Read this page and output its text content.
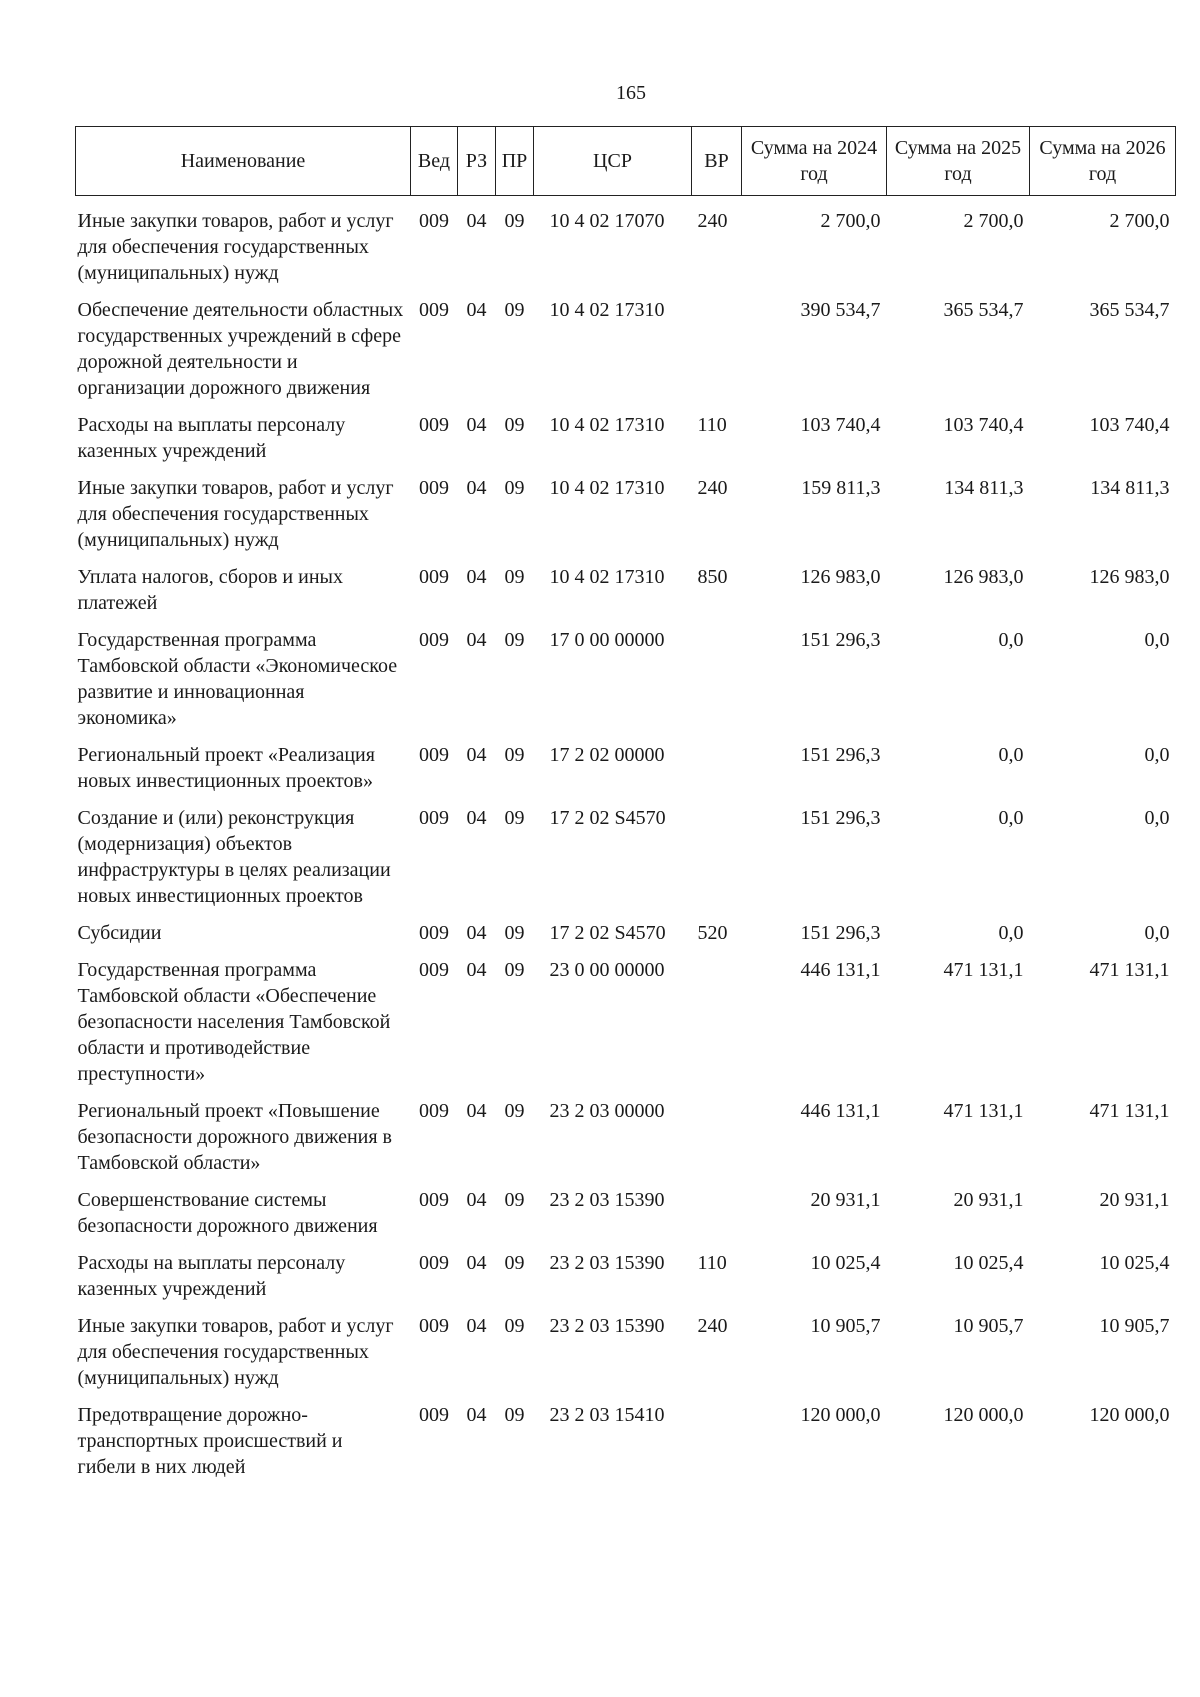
165
Наименование	Вед	РЗ	ПР	ЦСР	ВР	Сумма на 2024 год	Сумма на 2025 год	Сумма на 2026 год
Иные закупки товаров, работ и услуг для обеспечения государственных (муниципальных) нужд	009	04	09	10 4 02 17070	240	2 700,0	2 700,0	2 700,0
Обеспечение деятельности областных государственных учреждений в сфере дорожной деятельности и организации дорожного движения	009	04	09	10 4 02 17310		390 534,7	365 534,7	365 534,7
Расходы на выплаты персоналу казенных учреждений	009	04	09	10 4 02 17310	110	103 740,4	103 740,4	103 740,4
Иные закупки товаров, работ и услуг для обеспечения государственных (муниципальных) нужд	009	04	09	10 4 02 17310	240	159 811,3	134 811,3	134 811,3
Уплата налогов, сборов и иных платежей	009	04	09	10 4 02 17310	850	126 983,0	126 983,0	126 983,0
Государственная программа Тамбовской области «Экономическое развитие и инновационная экономика»	009	04	09	17 0 00 00000		151 296,3	0,0	0,0
Региональный проект «Реализация новых инвестиционных проектов»	009	04	09	17 2 02 00000		151 296,3	0,0	0,0
Создание и (или) реконструкция (модернизация) объектов инфраструктуры в целях реализации новых инвестиционных проектов	009	04	09	17 2 02 S4570		151 296,3	0,0	0,0
Субсидии	009	04	09	17 2 02 S4570	520	151 296,3	0,0	0,0
Государственная программа Тамбовской области «Обеспечение безопасности населения Тамбовской области и противодействие преступности»	009	04	09	23 0 00 00000		446 131,1	471 131,1	471 131,1
Региональный проект «Повышение безопасности дорожного движения в Тамбовской области»	009	04	09	23 2 03 00000		446 131,1	471 131,1	471 131,1
Совершенствование системы безопасности дорожного движения	009	04	09	23 2 03 15390		20 931,1	20 931,1	20 931,1
Расходы на выплаты персоналу казенных учреждений	009	04	09	23 2 03 15390	110	10 025,4	10 025,4	10 025,4
Иные закупки товаров, работ и услуг для обеспечения государственных (муниципальных) нужд	009	04	09	23 2 03 15390	240	10 905,7	10 905,7	10 905,7
Предотвращение дорожно-транспортных происшествий и гибели в них людей	009	04	09	23 2 03 15410		120 000,0	120 000,0	120 000,0
